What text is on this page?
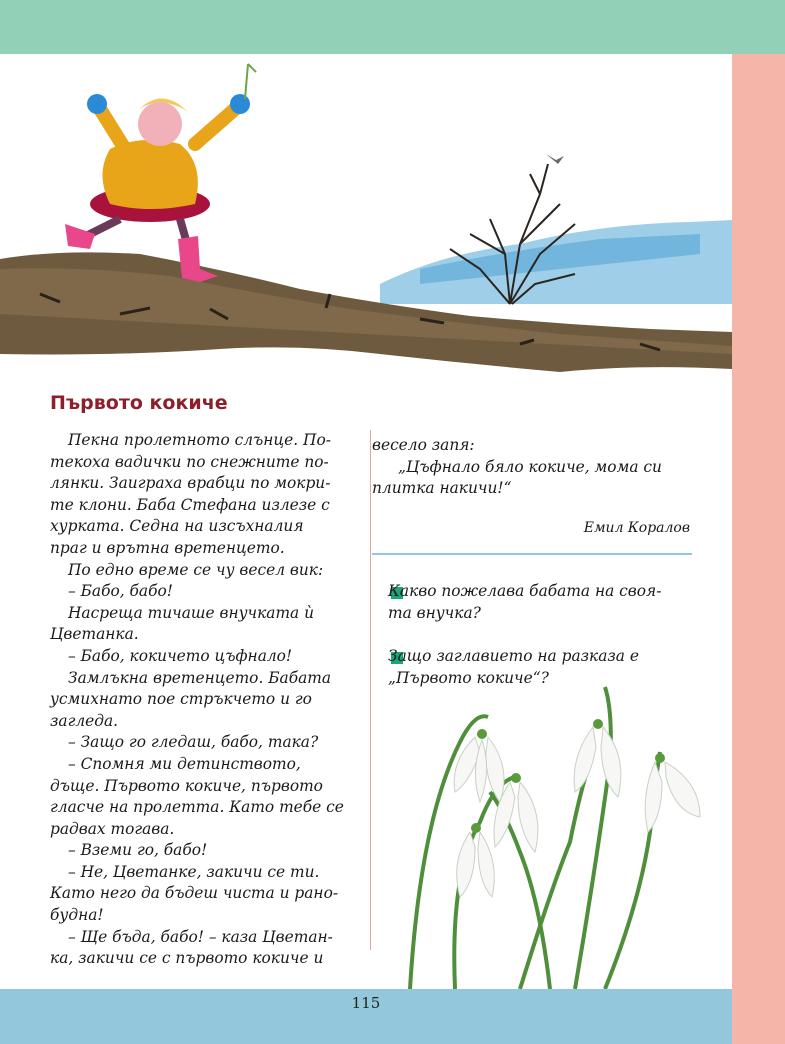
Първото кокиче

Пекна пролетното слънце. По-

текоха вадички по снежните по-

лянки. Заиграха врабци по мокри-

те клони. Баба Стефана излезе с

хурката. Седна на изсъхналия

праг и врътна вретенцето.

По едно време се чу весел вик:

– Бабо, бабо!

Насреща тичаше внучката ѝ

Цветанка.

– Бабо, кокичето цъфнало!

Замлъкна вретенцето. Бабата

усмихнато пое стръкчето и го

загледа.

– Защо го гледаш, бабо, така?

– Спомня ми детинството,

дъще. Първото кокиче, първото

гласче на пролетта. Като тебе се

радвах тогава.

– Вземи го, бабо!

– Не, Цветанке, закичи се ти.

Като него да бъдеш чиста и рано-

будна!

– Ще бъда, бабо! – каза Цветан-

ка, закичи се с първото кокиче и

весело запя:

„Цъфнало бяло кокиче, мома си

плитка накичи!“

Емил Коралов

Какво пожелава бабата на своя-

та внучка?

Защо заглавието на разказа е

„Първото кокиче“?

115
